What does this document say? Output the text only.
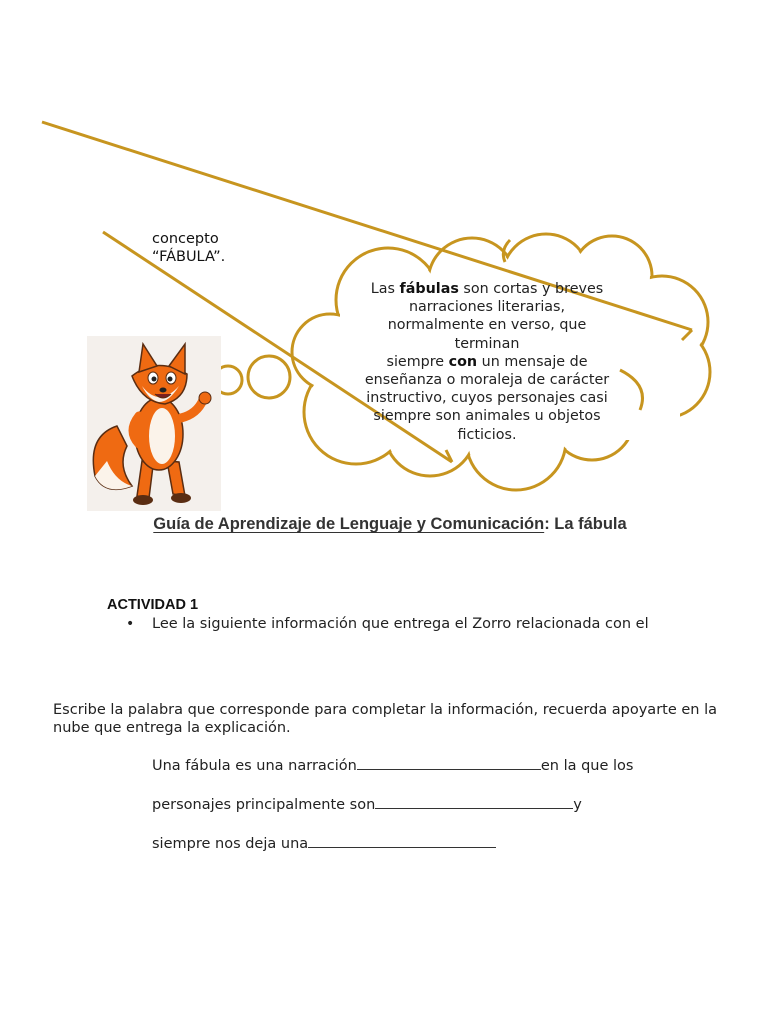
concepto
“FÁBULA”.
Las fábulas son cortas y breves narraciones literarias, normalmente en verso, que terminan
siempre con un mensaje de enseñanza o moraleja de carácter instructivo, cuyos personajes casi siempre son animales u objetos ficticios.
Guía de Aprendizaje de Lenguaje y Comunicación: La fábula
ACTIVIDAD 1
• Lee la siguiente información que entrega el Zorro relacionada con el
Escribe la palabra que corresponde para completar la información, recuerda apoyarte en la nube que entrega la explicación.
Una fábula es una narración	en la que los
personajes principalmente son	y
siempre nos deja una
